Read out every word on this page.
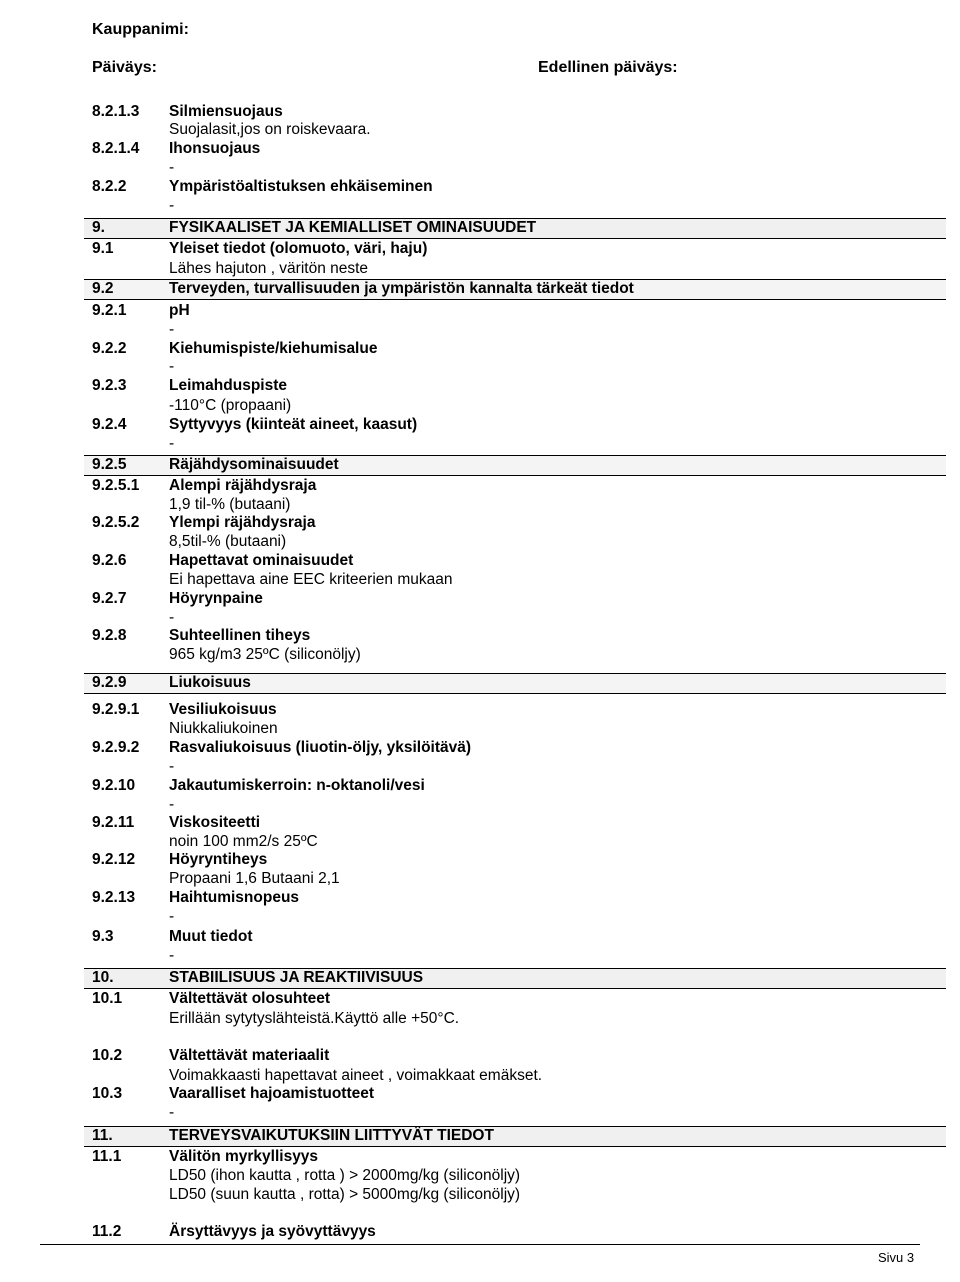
Kauppanimi:
Päiväys:	Edellinen päiväys:
8.2.1.3 Silmiensuojaus
Suojalasit,jos on roiskevaara.
8.2.1.4 Ihonsuojaus
-
8.2.2	Ympäristöaltistuksen ehkäiseminen
-
9.	FYSIKAALISET JA KEMIALLISET OMINAISUUDET
9.1	Yleiset tiedot (olomuoto, väri, haju)
Lähes hajuton , väritön neste
9.2	Terveyden, turvallisuuden ja ympäristön kannalta tärkeät tiedot
9.2.1	pH
-
9.2.2	Kiehumispiste/kiehumisalue
-
9.2.3	Leimahduspiste
-110°C (propaani)
9.2.4	Syttyvyys (kiinteät aineet, kaasut)
-
9.2.5	Räjähdysominaisuudet
9.2.5.1 Alempi räjähdysraja
1,9 til-% (butaani)
9.2.5.2 Ylempi räjähdysraja
8,5til-% (butaani)
9.2.6	Hapettavat ominaisuudet
Ei hapettava aine EEC kriteerien mukaan
9.2.7	Höyrynpaine
-
9.2.8	Suhteellinen tiheys
965 kg/m3 25ºC (siliconöljy)
9.2.9	Liukoisuus
9.2.9.1 Vesiliukoisuus
Niukkaliukoinen
9.2.9.2 Rasvaliukoisuus (liuotin-öljy, yksilöitävä)
-
9.2.10 Jakautumiskerroin: n-oktanoli/vesi
-
9.2.11 Viskositeetti
noin 100 mm2/s 25ºC
9.2.12 Höyryntiheys
Propaani 1,6 Butaani 2,1
9.2.13 Haihtumisnopeus
-
9.3	Muut tiedot
-
10.	STABIILISUUS JA REAKTIIVISUUS
10.1	Vältettävät olosuhteet
Erillään sytytyslähteistä.Käyttö alle +50°C.
10.2	Vältettävät materiaalit
Voimakkaasti hapettavat aineet , voimakkaat emäkset.
10.3	Vaaralliset hajoamistuotteet
-
11.	TERVEYSVAIKUTUKSIIN LIITTYVÄT TIEDOT
11.1	Välitön myrkyllisyys
LD50 (ihon kautta , rotta ) > 2000mg/kg (siliconöljy)
LD50 (suun kautta , rotta) > 5000mg/kg (siliconöljy)
11.2	Ärsyttävyys ja syövyttävyys
Sivu 3
